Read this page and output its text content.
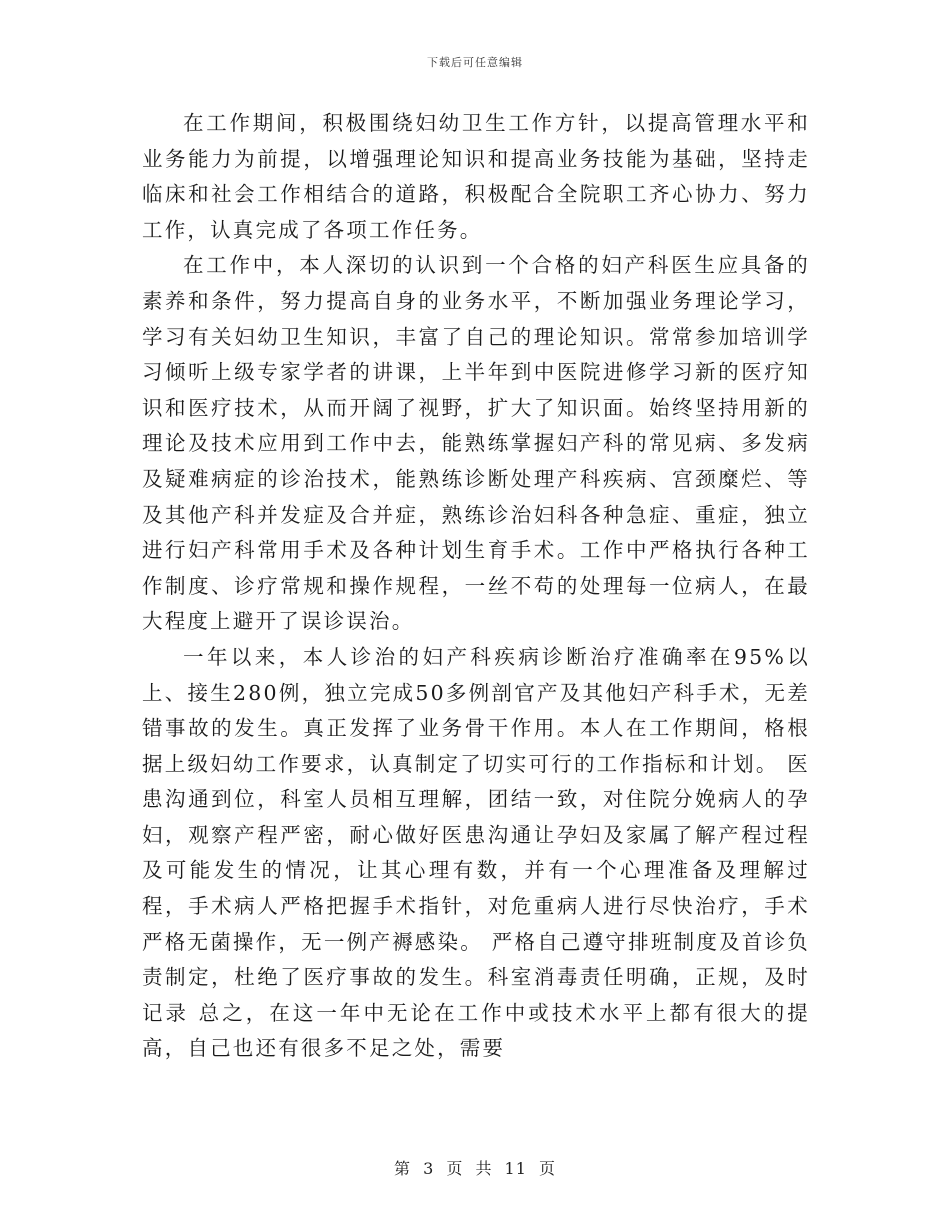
下载后可任意编辑

在工作期间，积极围绕妇幼卫生工作方针，以提高管理水平和业务能力为前提，以增强理论知识和提高业务技能为基础，坚持走临床和社会工作相结合的道路，积极配合全院职工齐心协力、努力工作，认真完成了各项工作任务。

在工作中，本人深切的认识到一个合格的妇产科医生应具备的素养和条件，努力提高自身的业务水平，不断加强业务理论学习，学习有关妇幼卫生知识，丰富了自己的理论知识。常常参加培训学习倾听上级专家学者的讲课，上半年到中医院进修学习新的医疗知识和医疗技术，从而开阔了视野，扩大了知识面。始终坚持用新的理论及技术应用到工作中去，能熟练掌握妇产科的常见病、多发病及疑难病症的诊治技术，能熟练诊断处理产科疾病、宫颈糜烂、等及其他产科并发症及合并症，熟练诊治妇科各种急症、重症，独立进行妇产科常用手术及各种计划生育手术。工作中严格执行各种工作制度、诊疗常规和操作规程，一丝不苟的处理每一位病人，在最大程度上避开了误诊误治。

一年以来，本人诊治的妇产科疾病诊断治疗准确率在95%以上、接生280例，独立完成50多例剖官产及其他妇产科手术，无差错事故的发生。真正发挥了业务骨干作用。本人在工作期间，格根据上级妇幼工作要求，认真制定了切实可行的工作指标和计划。 医患沟通到位，科室人员相互理解，团结一致，对住院分娩病人的孕妇，观察产程严密，耐心做好医患沟通让孕妇及家属了解产程过程及可能发生的情况，让其心理有数，并有一个心理准备及理解过程，手术病人严格把握手术指针，对危重病人进行尽快治疗，手术严格无菌操作，无一例产褥感染。 严格自己遵守排班制度及首诊负责制定，杜绝了医疗事故的发生。科室消毒责任明确，正规，及时记录 总之，在这一年中无论在工作中或技术水平上都有很大的提高，自己也还有很多不足之处，需要

第 3 页 共 11 页
